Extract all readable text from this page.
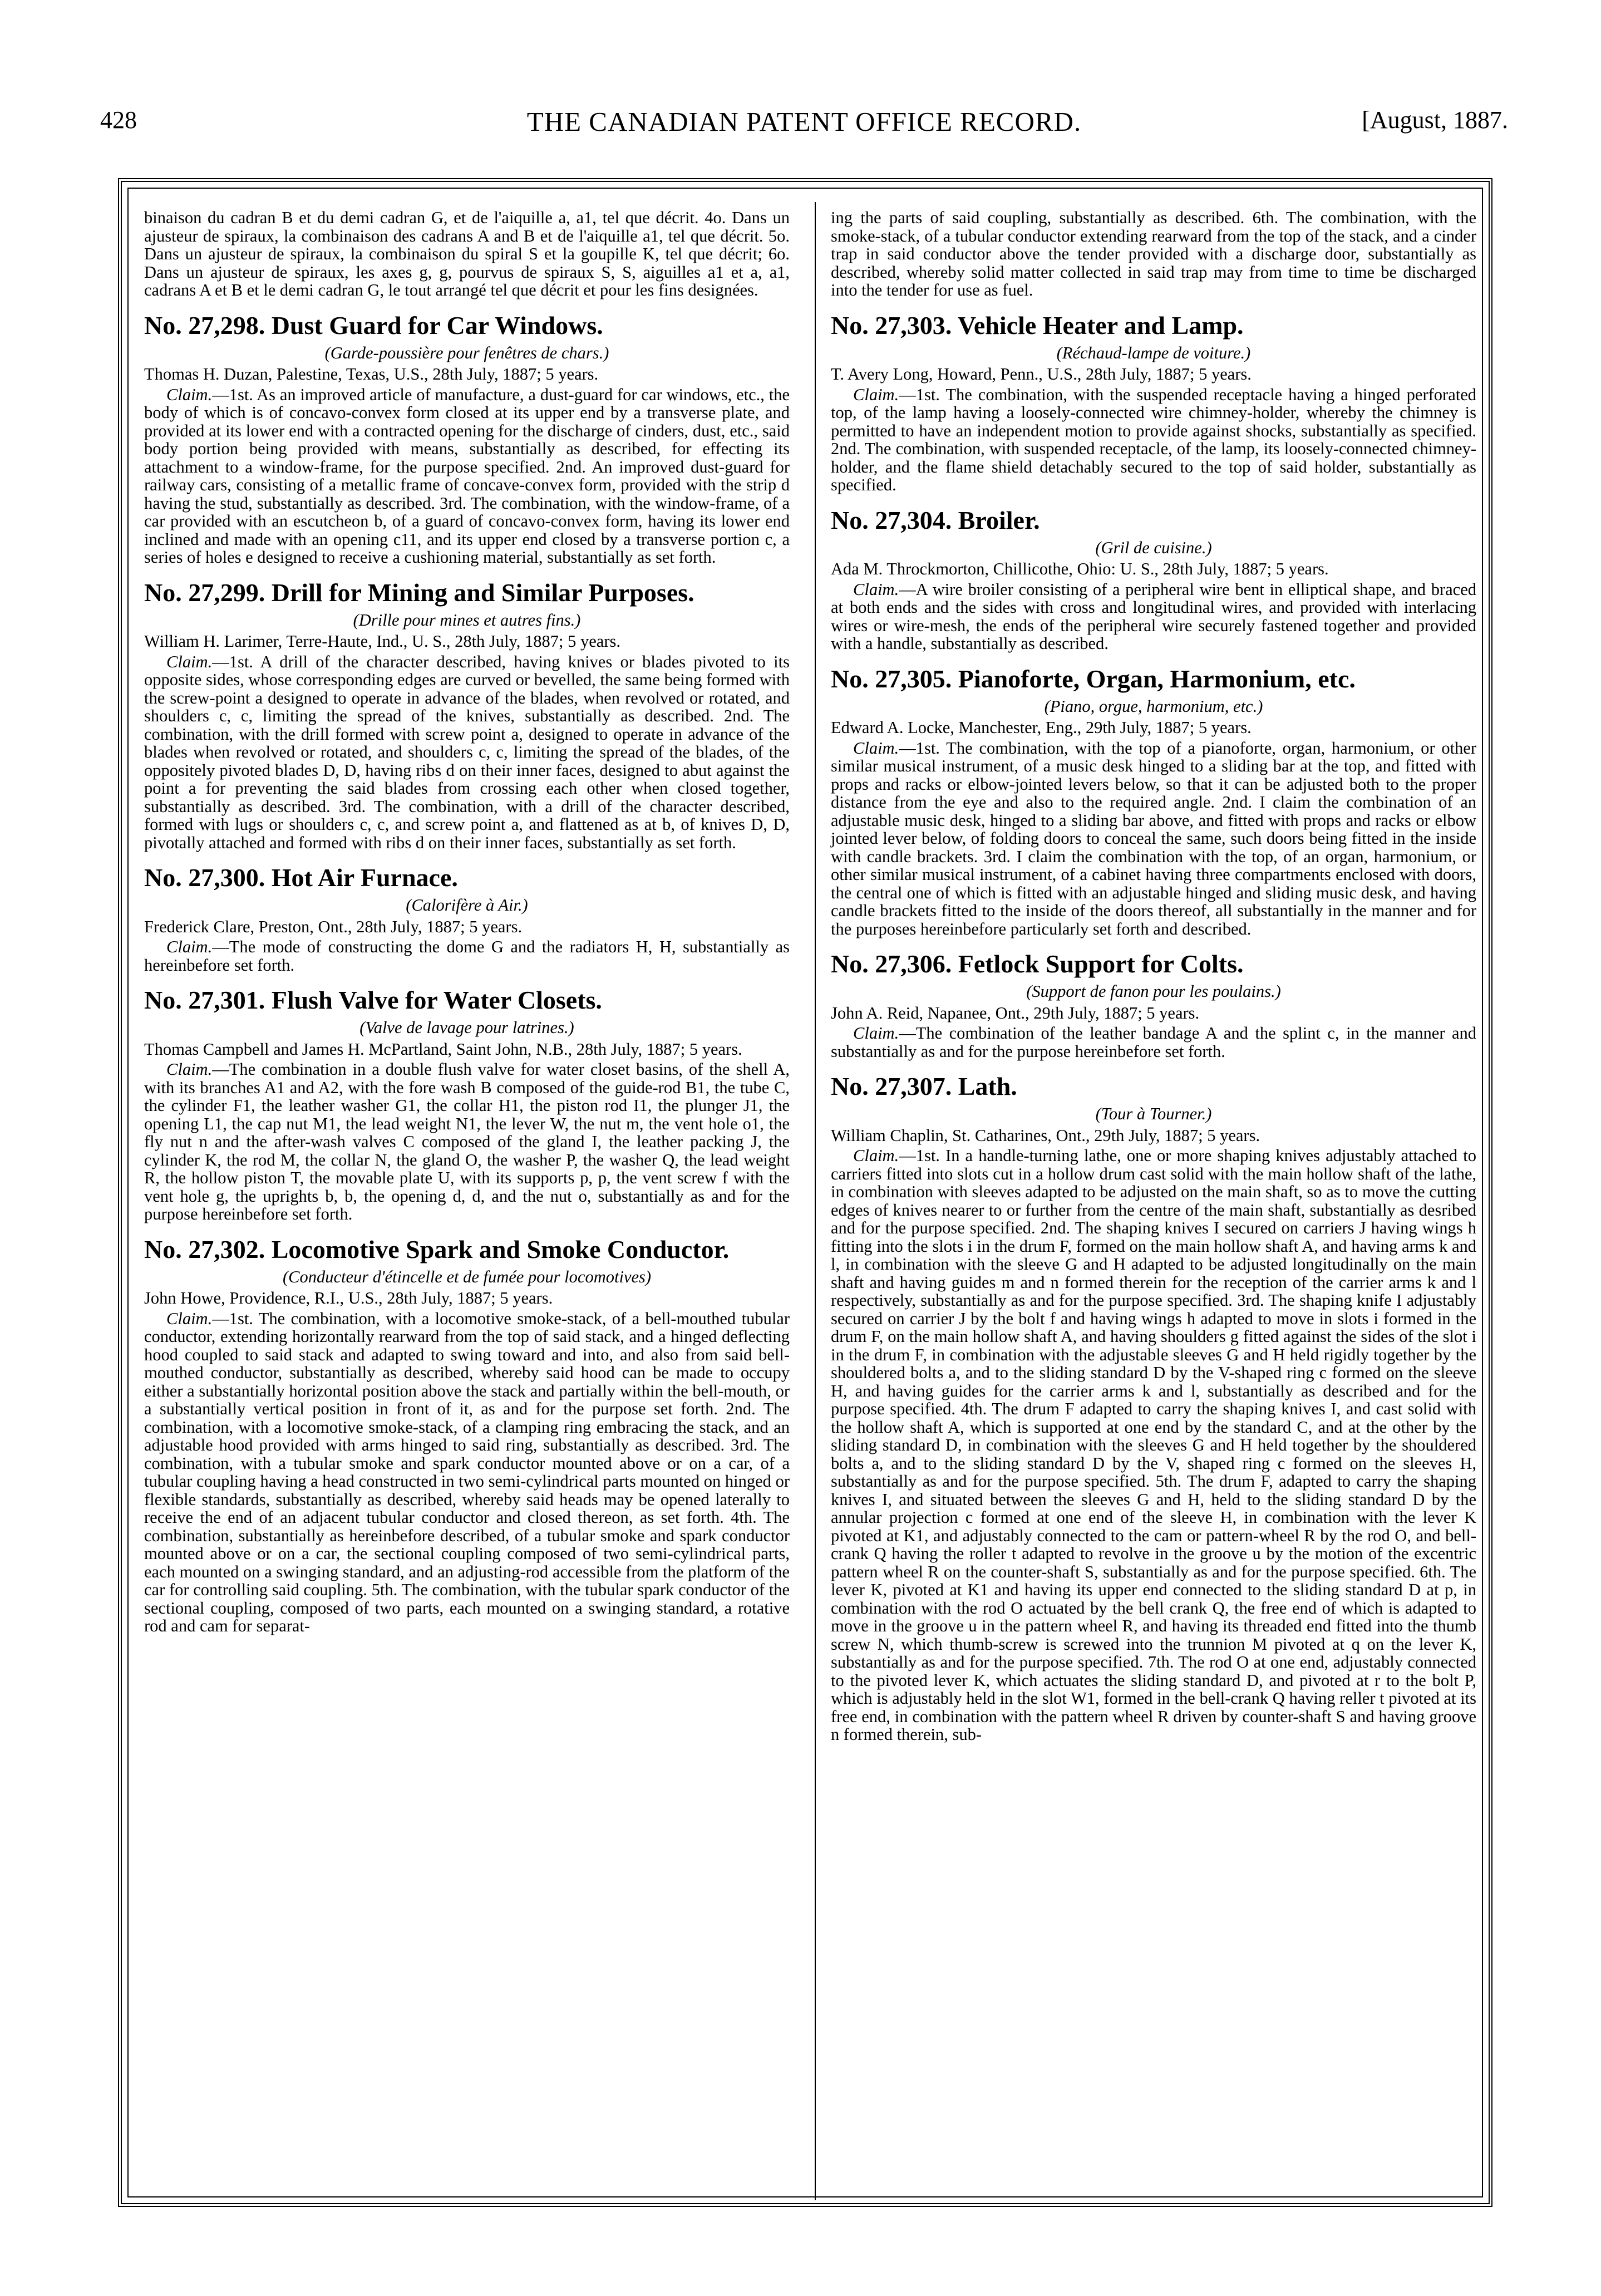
428	THE CANADIAN PATENT OFFICE RECORD.	[August, 1887.

binaison du cadran B et du demi cadran G, et de l'aiquille a, a1, tel que décrit. 4o. Dans un ajusteur de spiraux, la combinaison des cadrans A and B et de l'aiquille a1, tel que décrit. 5o. Dans un ajusteur de spiraux, la combinaison du spiral S et la goupille K, tel que décrit; 6o. Dans un ajusteur de spiraux, les axes g, g, pourvus de spiraux S, S, aiguilles a1 et a, a1, cadrans A et B et le demi cadran G, le tout arrangé tel que décrit et pour les fins designées.

No. 27,298. Dust Guard for Car Windows.
(Garde-poussière pour fenêtres de chars.)
Thomas H. Duzan, Palestine, Texas, U.S., 28th July, 1887; 5 years.

Claim.—1st. As an improved article of manufacture, a dust-guard for car windows, etc., the body of which is of concavo-convex form closed at its upper end by a transverse plate, and provided at its lower end with a contracted opening for the discharge of cinders, dust, etc., said body portion being provided with means, substantially as described, for effecting its attachment to a window-frame, for the purpose specified. 2nd. An improved dust-guard for railway cars, consisting of a metallic frame of concave-convex form, provided with the strip d having the stud, substantially as described. 3rd. The combination, with the window-frame, of a car provided with an escutcheon b, of a guard of concavo-convex form, having its lower end inclined and made with an opening c11, and its upper end closed by a transverse portion c, a series of holes e designed to receive a cushioning material, substantially as set forth.

No. 27,299. Drill for Mining and Similar Purposes.
(Drille pour mines et autres fins.)
William H. Larimer, Terre-Haute, Ind., U. S., 28th July, 1887; 5 years.

Claim.—1st. A drill of the character described, having knives or blades pivoted to its opposite sides, whose corresponding edges are curved or bevelled, the same being formed with the screw-point a designed to operate in advance of the blades, when revolved or rotated, and shoulders c, c, limiting the spread of the knives, substantially as described. 2nd. The combination, with the drill formed with screw point a, designed to operate in advance of the blades when revolved or rotated, and shoulders c, c, limiting the spread of the blades, of the oppositely pivoted blades D, D, having ribs d on their inner faces, designed to abut against the point a for preventing the said blades from crossing each other when closed together, substantially as described. 3rd. The combination, with a drill of the character described, formed with lugs or shoulders c, c, and screw point a, and flattened as at b, of knives D, D, pivotally attached and formed with ribs d on their inner faces, substantially as set forth.

No. 27,300. Hot Air Furnace.
(Calorifère à Air.)
Frederick Clare, Preston, Ont., 28th July, 1887; 5 years.

Claim.—The mode of constructing the dome G and the radiators H, H, substantially as hereinbefore set forth.

No. 27,301. Flush Valve for Water Closets.
(Valve de lavage pour latrines.)
Thomas Campbell and James H. McPartland, Saint John, N.B., 28th July, 1887; 5 years.

Claim.—The combination in a double flush valve for water closet basins, of the shell A, with its branches A1 and A2, with the fore wash B composed of the guide-rod B1, the tube C, the cylinder F1, the leather washer G1, the collar H1, the piston rod I1, the plunger J1, the opening L1, the cap nut M1, the lead weight N1, the lever W, the nut m, the vent hole o1, the fly nut n and the after-wash valves C composed of the gland I, the leather packing J, the cylinder K, the rod M, the collar N, the gland O, the washer P, the washer Q, the lead weight R, the hollow piston T, the movable plate U, with its supports p, p, the vent screw f with the vent hole g, the uprights b, b, the opening d, d, and the nut o, substantially as and for the purpose hereinbefore set forth.

No. 27,302. Locomotive Spark and Smoke Conductor.
(Conducteur d'étincelle et de fumée pour locomotives)
John Howe, Providence, R.I., U.S., 28th July, 1887; 5 years.

Claim.—1st. The combination, with a locomotive smoke-stack, of a bell-mouthed tubular conductor, extending horizontally rearward from the top of said stack, and a hinged deflecting hood coupled to said stack and adapted to swing toward and into, and also from said bell-mouthed conductor, substantially as described, whereby said hood can be made to occupy either a substantially horizontal position above the stack and partially within the bell-mouth, or a substantially vertical position in front of it, as and for the purpose set forth. 2nd. The combination, with a locomotive smoke-stack, of a clamping ring embracing the stack, and an adjustable hood provided with arms hinged to said ring, substantially as described. 3rd. The combination, with a tubular smoke and spark conductor mounted above or on a car, of a tubular coupling having a head constructed in two semi-cylindrical parts mounted on hinged or flexible standards, substantially as described, whereby said heads may be opened laterally to receive the end of an adjacent tubular conductor and closed thereon, as set forth. 4th. The combination, substantially as hereinbefore described, of a tubular smoke and spark conductor mounted above or on a car, the sectional coupling composed of two semi-cylindrical parts, each mounted on a swinging standard, and an adjusting-rod accessible from the platform of the car for controlling said coupling. 5th. The combination, with the tubular spark conductor of the sectional coupling, composed of two parts, each mounted on a swinging standard, a rotative rod and cam for separat-

ing the parts of said coupling, substantially as described. 6th. The combination, with the smoke-stack, of a tubular conductor extending rearward from the top of the stack, and a cinder trap in said conductor above the tender provided with a discharge door, substantially as described, whereby solid matter collected in said trap may from time to time be discharged into the tender for use as fuel.

No. 27,303. Vehicle Heater and Lamp.
(Réchaud-lampe de voiture.)
T. Avery Long, Howard, Penn., U.S., 28th July, 1887; 5 years.

Claim.—1st. The combination, with the suspended receptacle having a hinged perforated top, of the lamp having a loosely-connected wire chimney-holder, whereby the chimney is permitted to have an independent motion to provide against shocks, substantially as specified. 2nd. The combination, with suspended receptacle, of the lamp, its loosely-connected chimney-holder, and the flame shield detachably secured to the top of said holder, substantially as specified.

No. 27,304. Broiler.
(Gril de cuisine.)
Ada M. Throckmorton, Chillicothe, Ohio: U. S., 28th July, 1887; 5 years.

Claim.—A wire broiler consisting of a peripheral wire bent in elliptical shape, and braced at both ends and the sides with cross and longitudinal wires, and provided with interlacing wires or wire-mesh, the ends of the peripheral wire securely fastened together and provided with a handle, substantially as described.

No. 27,305. Pianoforte, Organ, Harmonium, etc.
(Piano, orgue, harmonium, etc.)
Edward A. Locke, Manchester, Eng., 29th July, 1887; 5 years.

Claim.—1st. The combination, with the top of a pianoforte, organ, harmonium, or other similar musical instrument, of a music desk hinged to a sliding bar at the top, and fitted with props and racks or elbow-jointed levers below, so that it can be adjusted both to the proper distance from the eye and also to the required angle. 2nd. I claim the combination of an adjustable music desk, hinged to a sliding bar above, and fitted with props and racks or elbow jointed lever below, of folding doors to conceal the same, such doors being fitted in the inside with candle brackets. 3rd. I claim the combination with the top, of an organ, harmonium, or other similar musical instrument, of a cabinet having three compartments enclosed with doors, the central one of which is fitted with an adjustable hinged and sliding music desk, and having candle brackets fitted to the inside of the doors thereof, all substantially in the manner and for the purposes hereinbefore particularly set forth and described.

No. 27,306. Fetlock Support for Colts.
(Support de fanon pour les poulains.)
John A. Reid, Napanee, Ont., 29th July, 1887; 5 years.

Claim.—The combination of the leather bandage A and the splint c, in the manner and substantially as and for the purpose hereinbefore set forth.

No. 27,307. Lath.
(Tour à Tourner.)
William Chaplin, St. Catharines, Ont., 29th July, 1887; 5 years.

Claim.—1st. In a handle-turning lathe, one or more shaping knives adjustably attached to carriers fitted into slots cut in a hollow drum cast solid with the main hollow shaft of the lathe, in combination with sleeves adapted to be adjusted on the main shaft, so as to move the cutting edges of knives nearer to or further from the centre of the main shaft, substantially as desribed and for the purpose specified. 2nd. The shaping knives I secured on carriers J having wings h fitting into the slots i in the drum F, formed on the main hollow shaft A, and having arms k and l, in combination with the sleeve G and H adapted to be adjusted longitudinally on the main shaft and having guides m and n formed therein for the reception of the carrier arms k and l respectively, substantially as and for the purpose specified. 3rd. The shaping knife I adjustably secured on carrier J by the bolt f and having wings h adapted to move in slots i formed in the drum F, on the main hollow shaft A, and having shoulders g fitted against the sides of the slot i in the drum F, in combination with the adjustable sleeves G and H held rigidly together by the shouldered bolts a, and to the sliding standard D by the V-shaped ring c formed on the sleeve H, and having guides for the carrier arms k and l, substantially as described and for the purpose specified. 4th. The drum F adapted to carry the shaping knives I, and cast solid with the hollow shaft A, which is supported at one end by the standard C, and at the other by the sliding standard D, in combination with the sleeves G and H held together by the shouldered bolts a, and to the sliding standard D by the V, shaped ring c formed on the sleeves H, substantially as and for the purpose specified. 5th. The drum F, adapted to carry the shaping knives I, and situated between the sleeves G and H, held to the sliding standard D by the annular projection c formed at one end of the sleeve H, in combination with the lever K pivoted at K1, and adjustably connected to the cam or pattern-wheel R by the rod O, and bell-crank Q having the roller t adapted to revolve in the groove u by the motion of the excentric pattern wheel R on the counter-shaft S, substantially as and for the purpose specified. 6th. The lever K, pivoted at K1 and having its upper end connected to the sliding standard D at p, in combination with the rod O actuated by the bell crank Q, the free end of which is adapted to move in the groove u in the pattern wheel R, and having its threaded end fitted into the thumb screw N, which thumb-screw is screwed into the trunnion M pivoted at q on the lever K, substantially as and for the purpose specified. 7th. The rod O at one end, adjustably connected to the pivoted lever K, which actuates the sliding standard D, and pivoted at r to the bolt P, which is adjustably held in the slot W1, formed in the bell-crank Q having reller t pivoted at its free end, in combination with the pattern wheel R driven by counter-shaft S and having groove n formed therein, sub-
